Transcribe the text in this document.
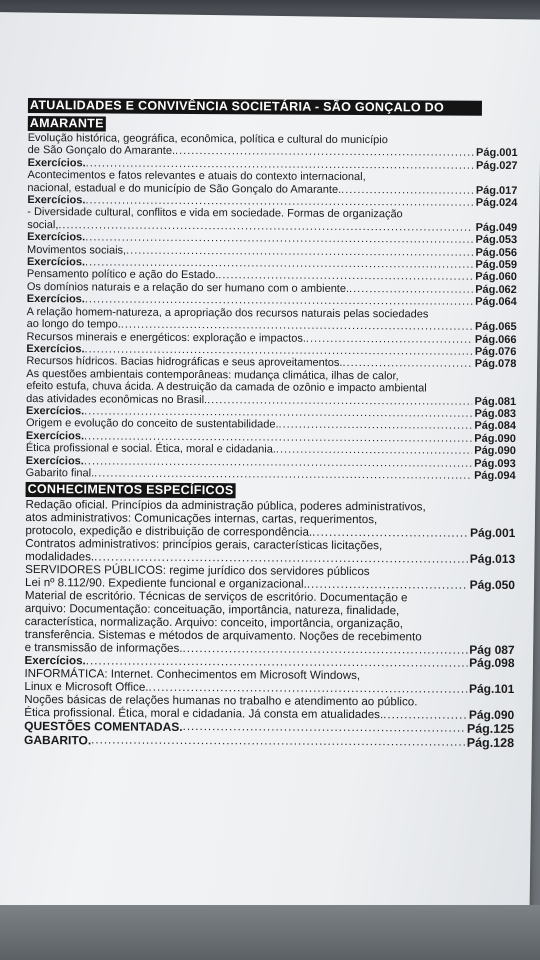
ATUALIDADES E CONVIVÊNCIA SOCIETÁRIA - SÃO GONÇALO DO
AMARANTE
Evolução histórica, geográfica, econômica, política e cultural do município
de São Gonçalo do Amarante. .....	Pág.001
Exercícios. .....	Pág.027
Acontecimentos e fatos relevantes e atuais do contexto internacional,
nacional, estadual e do município de São Gonçalo do Amarante. .....	Pág.017
Exercícios. .....	Pág.024
- Diversidade cultural, conflitos e vida em sociedade. Formas de organização
social, .....	Pág.049
Exercícios. .....	Pág.053
Movimentos sociais, .....	Pág.056
Exercícios. .....	Pág.059
Pensamento político e ação do Estado. .....	Pág.060
Os domínios naturais e a relação do ser humano com o ambiente. .....	Pág.062
Exercícios. .....	Pág.064
A relação homem-natureza, a apropriação dos recursos naturais pelas sociedades
ao longo do tempo. .....	Pág.065
Recursos minerais e energéticos: exploração e impactos. .....	Pág.066
Exercícios. .....	Pág.076
Recursos hídricos. Bacias hidrográficas e seus aproveitamentos. .....	Pág.078
As questões ambientais contemporâneas: mudança climática, ilhas de calor,
efeito estufa, chuva ácida. A destruição da camada de ozônio e impacto ambiental
das atividades econômicas no Brasil. .....	Pág.081
Exercícios. .....	Pág.083
Origem e evolução do conceito de sustentabilidade. .....	Pág.084
Exercícios. .....	Pág.090
Ética profissional e social. Ética, moral e cidadania. .....	Pág.090
Exercícios. .....	Pág.093
Gabarito final. .....	Pág.094
CONHECIMENTOS ESPECÍFICOS
Redação oficial. Princípios da administração pública, poderes administrativos,
atos administrativos: Comunicações internas, cartas, requerimentos,
protocolo, expedição e distribuição de correspondência. .....	Pág.001
Contratos administrativos: princípios gerais, características licitações,
modalidades. .....	Pág.013
SERVIDORES PÚBLICOS: regime jurídico dos servidores públicos
Lei nº 8.112/90. Expediente funcional e organizacional. .....	Pág.050
Material de escritório. Técnicas de serviços de escritório. Documentação e
arquivo: Documentação: conceituação, importância, natureza, finalidade,
característica, normalização. Arquivo: conceito, importância, organização,
transferência. Sistemas e métodos de arquivamento. Noções de recebimento
e transmissão de informações. .....	Pág 087
Exercícios. .....	Pág.098
INFORMÁTICA: Internet. Conhecimentos em Microsoft Windows,
Linux e Microsoft Office. .....	Pág.101
Noções básicas de relações humanas no trabalho e atendimento ao público.
Ética profissional. Ética, moral e cidadania. Já consta em atualidades. .....	Pág.090
QUESTÕES COMENTADAS. .....	Pág.125
GABARITO. .....	Pág.128
